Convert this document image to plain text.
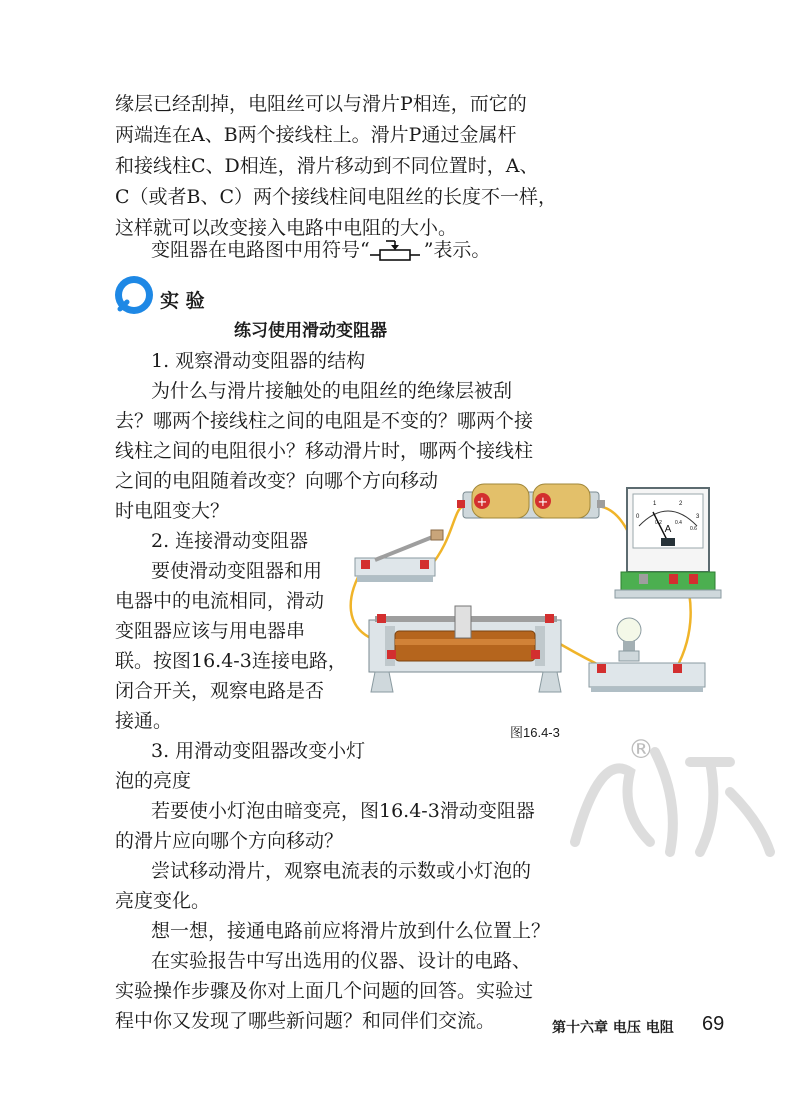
缘层已经刮掉，电阻丝可以与滑片P相连，而它的
两端连在A、B两个接线柱上。滑片P通过金属杆
和接线柱C、D相连，滑片移动到不同位置时，A、
C（或者B、C）两个接线柱间电阻丝的长度不一样，
这样就可以改变接入电路中电阻的大小。
变阻器在电路图中用符号“	”表示。
实 验
练习使用滑动变阻器
1. 观察滑动变阻器的结构
为什么与滑片接触处的电阻丝的绝缘层被刮
去？哪两个接线柱之间的电阻是不变的？哪两个接
线柱之间的电阻很小？移动滑片时，哪两个接线柱
之间的电阻随着改变？向哪个方向移动
时电阻变大？
2. 连接滑动变阻器
要使滑动变阻器和用
电器中的电流相同，滑动
变阻器应该与用电器串
联。按图16.4-3连接电路，
闭合开关，观察电路是否
接通。
3. 用滑动变阻器改变小灯
泡的亮度
若要使小灯泡由暗变亮，图16.4-3滑动变阻器
的滑片应向哪个方向移动？
尝试移动滑片，观察电流表的示数或小灯泡的
亮度变化。
想一想，接通电路前应将滑片放到什么位置上？
在实验报告中写出选用的仪器、设计的电路、
实验操作步骤及你对上面几个问题的回答。实验过
程中你又发现了哪些新问题？和同伴们交流。
+	+
A
0
1	2
3
0.2	0.4
0.6
图16.4-3
®
第十六章 电压 电阻 69
